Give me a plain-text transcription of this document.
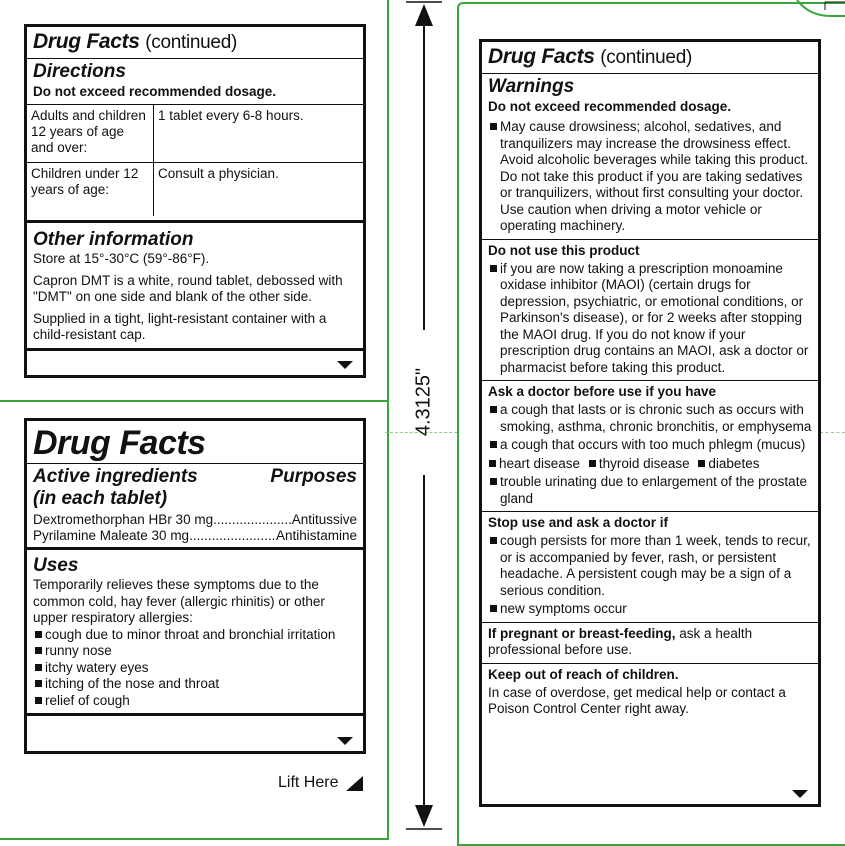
4.3125"
Drug Facts (continued)
Directions
Do not exceed recommended dosage.
Adults and children 12 years of age and over:	1 tablet every 6-8 hours.
Children under 12 years of age:	Consult a physician.
Other information
Store at 15°-30°C (59°-86°F).
Capron DMT is a white, round tablet, debossed with "DMT" on one side and blank of the other side.
Supplied in a tight, light-resistant container with a child-resistant cap.
Drug Facts
Active ingredients
(in each tablet)
Purposes
Dextromethorphan HBr 30 mg .....	Antitussive
Pyrilamine Maleate 30 mg .....	Antihistamine
Uses
Temporarily relieves these symptoms due to the common cold, hay fever (allergic rhinitis) or other upper respiratory allergies:
cough due to minor throat and bronchial irritation
runny nose
itchy watery eyes
itching of the nose and throat
relief of cough
Lift Here
Drug Facts (continued)
Warnings
Do not exceed recommended dosage.
May cause drowsiness; alcohol, sedatives, and tranquilizers may increase the drowsiness effect. Avoid alcoholic beverages while taking this product. Do not take this product if you are taking sedatives or tranquilizers, without first consulting your doctor. Use caution when driving a motor vehicle or operating machinery.
Do not use this product
if you are now taking a prescription monoamine oxidase inhibitor (MAOI) (certain drugs for depression, psychiatric, or emotional conditions, or Parkinson's disease), or for 2 weeks after stopping the MAOI drug. If you do not know if your prescription drug contains an MAOI, ask a doctor or pharmacist before taking this product.
Ask a doctor before use if you have
a cough that lasts or is chronic such as occurs with smoking, asthma, chronic bronchitis, or emphysema
a cough that occurs with too much phlegm (mucus)
heart disease thyroid disease diabetes
trouble urinating due to enlargement of the prostate gland
Stop use and ask a doctor if
cough persists for more than 1 week, tends to recur, or is accompanied by fever, rash, or persistent headache. A persistent cough may be a sign of a serious condition.
new symptoms occur
If pregnant or breast-feeding, ask a health professional before use.
Keep out of reach of children.
In case of overdose, get medical help or contact a Poison Control Center right away.
